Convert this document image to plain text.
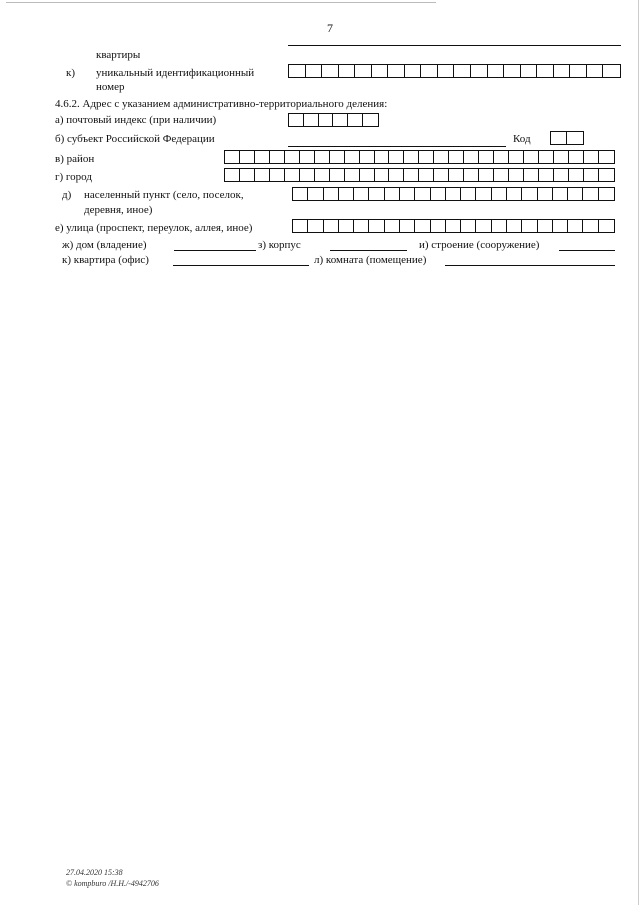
7
квартиры
к) уникальный идентификационный
номер
4.6.2. Адрес с указанием административно-территориального деления:
а) почтовый индекс (при наличии)
б) субъект Российской Федерации	Код
в) район
г) город
д) населенный пункт (село, поселок,
деревня, иное)
е) улица (проспект, переулок, аллея, иное)
ж) дом (владение)	з) корпус	и) строение (сооружение)
к) квартира (офис)	л) комната (помещение)
27.04.2020 15:38
© kompburo /Н.Н./-4942706
